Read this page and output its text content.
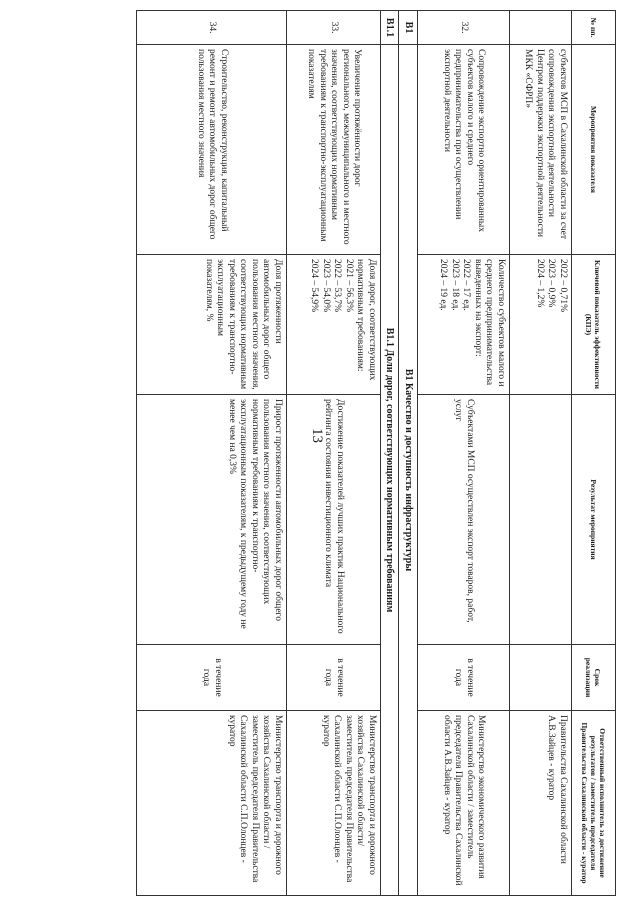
13
№ пп.	Мероприятия показателя	Ключевой показатель эффективности (КПЭ)	Результат мероприятия	Срок реализации	Ответственный исполнитель за достижение результатов / заместитель председателя Правительства Сахалинской области - куратор
	субъектов МСП в Сахалинской области за счет сопровождения экспортной деятельности Центром поддержки экспортной деятельности МКК «СФРП»	2022 – 0,71%
2023 – 0,9%
2024 – 1,2%			Правительства Сахалинской области А.В.Зайцев - куратор
32.	Сопровождение экспортно ориентированных субъектов малого и среднего предпринимательства при осуществлении экспортной деятельности	Количество субъектов малого и среднего предпринимательства выведенных на экспорт:
2022 – 17 ед.
2023 – 18 ед.
2024 – 19 ед.	Субъектами МСП осуществлен экспорт товаров, работ, услуг	в течение года	Министерство экономического развития Сахалинской области / заместитель председателя Правительства Сахалинской области А.В.Зайцев - куратор
В1	В1 Качество и доступность инфраструктуры				
В1.1	В1.1 Доли дорог, соответствующих нормативным требованиям				
33.	Увеличение протяжённости дорог регионального, межмуниципального и местного значения, соответствующих нормативным требованиям к транспортно-эксплуатационным показателям	Доля дорог, соответствующих нормативным требованиям:
2021 – 56,3%
2022 – 53,7%
2023 – 54,0%
2024 – 54,9%	Достижение показателей лучших практик Национального рейтинга состояния инвестиционного климата	в течение года	Министерство транспорта и дорожного хозяйства Сахалинской области/заместитель председателя Правительства Сахалинской области С.П.Олонцев - куратор
34.	Строительство, реконструкция, капитальный ремонт и ремонт автомобильных дорог общего пользования местного значения	Доля протяженности автомобильных дорог общего пользования местного значения, соответствующих нормативным требованиям к транспортно-эксплуатационным показателям, %	Прирост протяженности автомобильных дорог общего пользования местного значения, соответствующих нормативным требованиям к транспортно-эксплуатационным показателям, к предыдущему году не менее чем на 0,3%	в течение года	Министерство транспорта и дорожного хозяйства Сахалинской области / заместитель председателя Правительства Сахалинской области С.П.Олонцев - куратор
